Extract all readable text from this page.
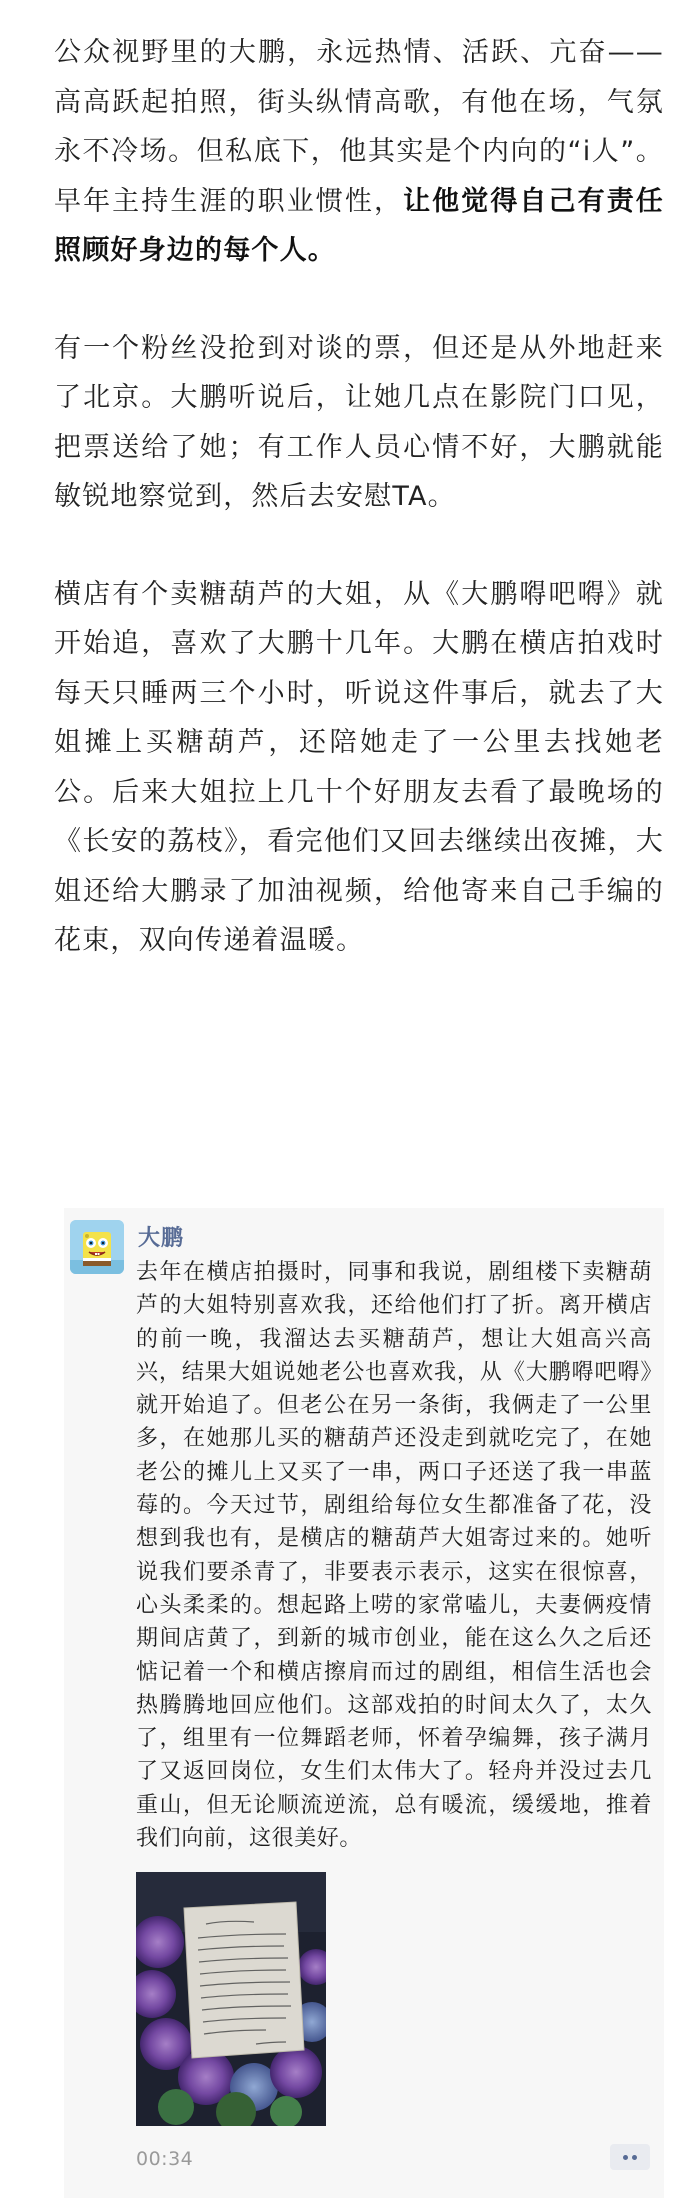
公众视野里的大鹏，永远热情、活跃、亢奋——高高跃起拍照，街头纵情高歌，有他在场，气氛永不冷场。但私底下，他其实是个内向的“i人”。早年主持生涯的职业惯性，让他觉得自己有责任照顾好身边的每个人。

有一个粉丝没抢到对谈的票，但还是从外地赶来了北京。大鹏听说后，让她几点在影院门口见，把票送给了她；有工作人员心情不好，大鹏就能敏锐地察觉到，然后去安慰TA。

横店有个卖糖葫芦的大姐，从《大鹏嘚吧嘚》就开始追，喜欢了大鹏十几年。大鹏在横店拍戏时每天只睡两三个小时，听说这件事后，就去了大姐摊上买糖葫芦，还陪她走了一公里去找她老公。后来大姐拉上几十个好朋友去看了最晚场的《长安的荔枝》，看完他们又回去继续出夜摊，大姐还给大鹏录了加油视频，给他寄来自己手编的花束，双向传递着温暖。

大鹏

去年在横店拍摄时，同事和我说，剧组楼下卖糖葫芦的大姐特别喜欢我，还给他们打了折。离开横店的前一晚，我溜达去买糖葫芦，想让大姐高兴高兴，结果大姐说她老公也喜欢我，从《大鹏嘚吧嘚》就开始追了。但老公在另一条街，我俩走了一公里多，在她那儿买的糖葫芦还没走到就吃完了，在她老公的摊儿上又买了一串，两口子还送了我一串蓝莓的。今天过节，剧组给每位女生都准备了花，没想到我也有，是横店的糖葫芦大姐寄过来的。她听说我们要杀青了，非要表示表示，这实在很惊喜，心头柔柔的。想起路上唠的家常嗑儿，夫妻俩疫情期间店黄了，到新的城市创业，能在这么久之后还惦记着一个和横店擦肩而过的剧组，相信生活也会热腾腾地回应他们。这部戏拍的时间太久了，太久了，组里有一位舞蹈老师，怀着孕编舞，孩子满月了又返回岗位，女生们太伟大了。轻舟并没过去几重山，但无论顺流逆流，总有暖流，缓缓地，推着我们向前，这很美好。

00:34
